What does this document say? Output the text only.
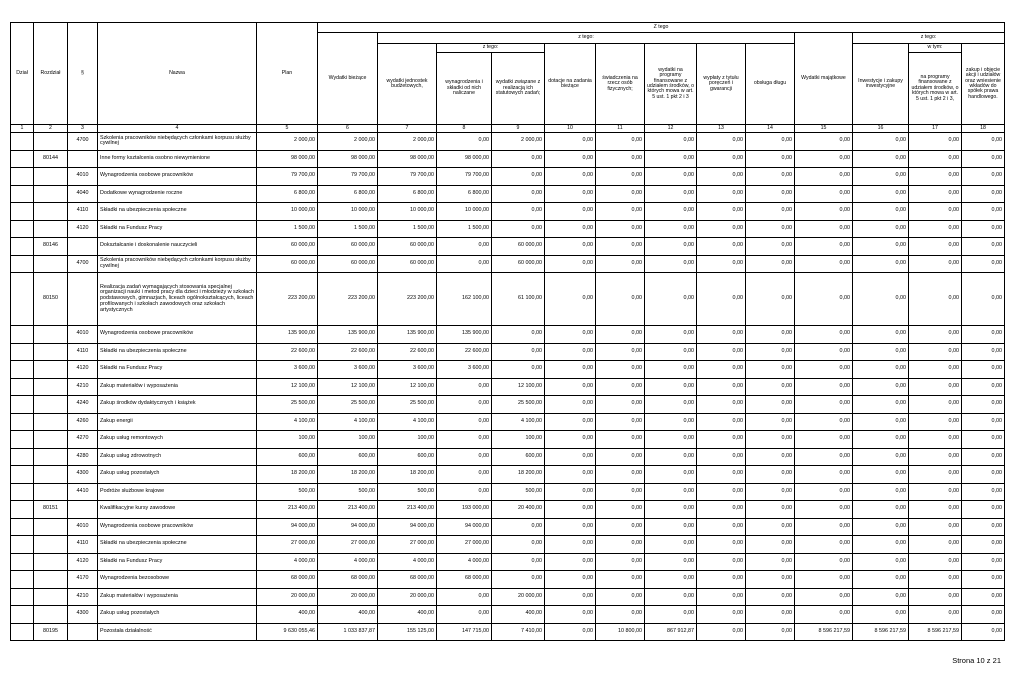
Dział	Rozdział	§	Nazwa	Plan	Z tego												
					Wydatki bieżące	z tego:								Wydatki majątkowe	z tego:		
						wydatki jednostek budżetowych,	z tego:		dotacje na zadania bieżące	świadczenia na rzecz osób fizycznych;	wydatki na programy finansowane z udziałem środków, o których mowa w art. 5 ust. 1 pkt 2 i 3	wypłaty z tytułu poręczeń i gwarancji	obsługa długu		Inwestycje i zakupy inwestycyjne	w tym:	zakup i objęcie akcji i udziałów oraz wniesienie wkładów do spółek prawa handlowego.
							wynagrodzenia i składki od nich naliczane	wydatki związane z realizacją ich statutowych zadań;								na programy finansowane z udziałem środków, o których mowa w art. 5 ust. 1 pkt 2 i 3,	
1	2	3	4	5	6	7	8	9	10	11	12	13	14	15	16	17	18
		4700	Szkolenia pracowników niebędących członkami korpusu służby cywilnej	2 000,00	2 000,00	2 000,00	0,00	2 000,00	0,00	0,00	0,00	0,00	0,00	0,00	0,00	0,00	0,00
	80144		Inne formy kształcenia osobno niewymienione	98 000,00	98 000,00	98 000,00	98 000,00	0,00	0,00	0,00	0,00	0,00	0,00	0,00	0,00	0,00	0,00
		4010	Wynagrodzenia osobowe pracowników	79 700,00	79 700,00	79 700,00	79 700,00	0,00	0,00	0,00	0,00	0,00	0,00	0,00	0,00	0,00	0,00
		4040	Dodatkowe wynagrodzenie roczne	6 800,00	6 800,00	6 800,00	6 800,00	0,00	0,00	0,00	0,00	0,00	0,00	0,00	0,00	0,00	0,00
		4110	Składki na ubezpieczenia społeczne	10 000,00	10 000,00	10 000,00	10 000,00	0,00	0,00	0,00	0,00	0,00	0,00	0,00	0,00	0,00	0,00
		4120	Składki na Fundusz Pracy	1 500,00	1 500,00	1 500,00	1 500,00	0,00	0,00	0,00	0,00	0,00	0,00	0,00	0,00	0,00	0,00
	80146		Dokształcanie i doskonalenie nauczycieli	60 000,00	60 000,00	60 000,00	0,00	60 000,00	0,00	0,00	0,00	0,00	0,00	0,00	0,00	0,00	0,00
		4700	Szkolenia pracowników niebędących członkami korpusu służby cywilnej	60 000,00	60 000,00	60 000,00	0,00	60 000,00	0,00	0,00	0,00	0,00	0,00	0,00	0,00	0,00	0,00
	80150		Realizacja zadań wymagających stosowania specjalnej organizacji nauki i metod pracy dla dzieci i młodzieży w szkołach podstawowych, gimnazjach, liceach ogólnokształcących, liceach profilowanych i szkołach zawodowych oraz szkołach artystycznych	223 200,00	223 200,00	223 200,00	162 100,00	61 100,00	0,00	0,00	0,00	0,00	0,00	0,00	0,00	0,00	0,00
		4010	Wynagrodzenia osobowe pracowników	135 900,00	135 900,00	135 900,00	135 900,00	0,00	0,00	0,00	0,00	0,00	0,00	0,00	0,00	0,00	0,00
		4110	Składki na ubezpieczenia społeczne	22 600,00	22 600,00	22 600,00	22 600,00	0,00	0,00	0,00	0,00	0,00	0,00	0,00	0,00	0,00	0,00
		4120	Składki na Fundusz Pracy	3 600,00	3 600,00	3 600,00	3 600,00	0,00	0,00	0,00	0,00	0,00	0,00	0,00	0,00	0,00	0,00
		4210	Zakup materiałów i wyposażenia	12 100,00	12 100,00	12 100,00	0,00	12 100,00	0,00	0,00	0,00	0,00	0,00	0,00	0,00	0,00	0,00
		4240	Zakup środków dydaktycznych i książek	25 500,00	25 500,00	25 500,00	0,00	25 500,00	0,00	0,00	0,00	0,00	0,00	0,00	0,00	0,00	0,00
		4260	Zakup energii	4 100,00	4 100,00	4 100,00	0,00	4 100,00	0,00	0,00	0,00	0,00	0,00	0,00	0,00	0,00	0,00
		4270	Zakup usług remontowych	100,00	100,00	100,00	0,00	100,00	0,00	0,00	0,00	0,00	0,00	0,00	0,00	0,00	0,00
		4280	Zakup usług zdrowotnych	600,00	600,00	600,00	0,00	600,00	0,00	0,00	0,00	0,00	0,00	0,00	0,00	0,00	0,00
		4300	Zakup usług pozostałych	18 200,00	18 200,00	18 200,00	0,00	18 200,00	0,00	0,00	0,00	0,00	0,00	0,00	0,00	0,00	0,00
		4410	Podróże służbowe krajowe	500,00	500,00	500,00	0,00	500,00	0,00	0,00	0,00	0,00	0,00	0,00	0,00	0,00	0,00
	80151		Kwalifikacyjne kursy zawodowe	213 400,00	213 400,00	213 400,00	193 000,00	20 400,00	0,00	0,00	0,00	0,00	0,00	0,00	0,00	0,00	0,00
		4010	Wynagrodzenia osobowe pracowników	94 000,00	94 000,00	94 000,00	94 000,00	0,00	0,00	0,00	0,00	0,00	0,00	0,00	0,00	0,00	0,00
		4110	Składki na ubezpieczenia społeczne	27 000,00	27 000,00	27 000,00	27 000,00	0,00	0,00	0,00	0,00	0,00	0,00	0,00	0,00	0,00	0,00
		4120	Składki na Fundusz Pracy	4 000,00	4 000,00	4 000,00	4 000,00	0,00	0,00	0,00	0,00	0,00	0,00	0,00	0,00	0,00	0,00
		4170	Wynagrodzenia bezosobowe	68 000,00	68 000,00	68 000,00	68 000,00	0,00	0,00	0,00	0,00	0,00	0,00	0,00	0,00	0,00	0,00
		4210	Zakup materiałów i wyposażenia	20 000,00	20 000,00	20 000,00	0,00	20 000,00	0,00	0,00	0,00	0,00	0,00	0,00	0,00	0,00	0,00
		4300	Zakup usług pozostałych	400,00	400,00	400,00	0,00	400,00	0,00	0,00	0,00	0,00	0,00	0,00	0,00	0,00	0,00
	80195		Pozostała działalność	9 630 055,46	1 033 837,87	155 125,00	147 715,00	7 410,00	0,00	10 800,00	867 912,87	0,00	0,00	8 596 217,59	8 596 217,59	8 596 217,59	0,00
Strona 10 z 21
